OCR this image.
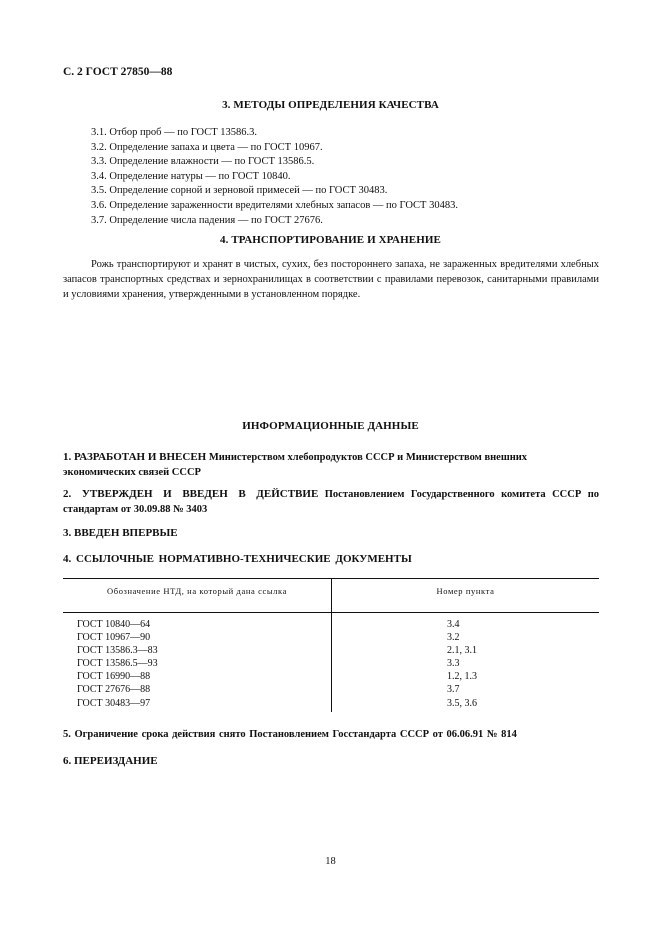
С. 2 ГОСТ 27850—88
3. МЕТОДЫ ОПРЕДЕЛЕНИЯ КАЧЕСТВА
3.1. Отбор проб — по ГОСТ 13586.3.
3.2. Определение запаха и цвета — по ГОСТ 10967.
3.3. Определение влажности — по ГОСТ 13586.5.
3.4. Определение натуры — по ГОСТ 10840.
3.5. Определение сорной и зерновой примесей — по ГОСТ 30483.
3.6. Определение зараженности вредителями хлебных запасов — по ГОСТ 30483.
3.7. Определение числа падения — по ГОСТ 27676.
4. ТРАНСПОРТИРОВАНИЕ И ХРАНЕНИЕ
Рожь транспортируют и хранят в чистых, сухих, без постороннего запаха, не зараженных вредителями хлебных запасов транспортных средствах и зернохранилищах в соответствии с правилами перевозок, санитарными правилами и условиями хранения, утвержденными в установленном порядке.
ИНФОРМАЦИОННЫЕ ДАННЫЕ
1. РАЗРАБОТАН И ВНЕСЕН Министерством хлебопродуктов СССР и Министерством внешних экономических связей СССР
2. УТВЕРЖДЕН И ВВЕДЕН В ДЕЙСТВИЕ Постановлением Государственного комитета СССР по стандартам от 30.09.88 № 3403
3. ВВЕДЕН ВПЕРВЫЕ
4. ССЫЛОЧНЫЕ НОРМАТИВНО-ТЕХНИЧЕСКИЕ ДОКУМЕНТЫ
Обозначение НТД, на который дана ссылка	Номер пункта
ГОСТ 10840—64
ГОСТ 10967—90
ГОСТ 13586.3—83
ГОСТ 13586.5—93
ГОСТ 16990—88
ГОСТ 27676—88
ГОСТ 30483—97
3.4
3.2
2.1, 3.1
3.3
1.2, 1.3
3.7
3.5, 3.6
5. Ограничение срока действия снято Постановлением Госстандарта СССР от 06.06.91 № 814
6. ПЕРЕИЗДАНИЕ
18
